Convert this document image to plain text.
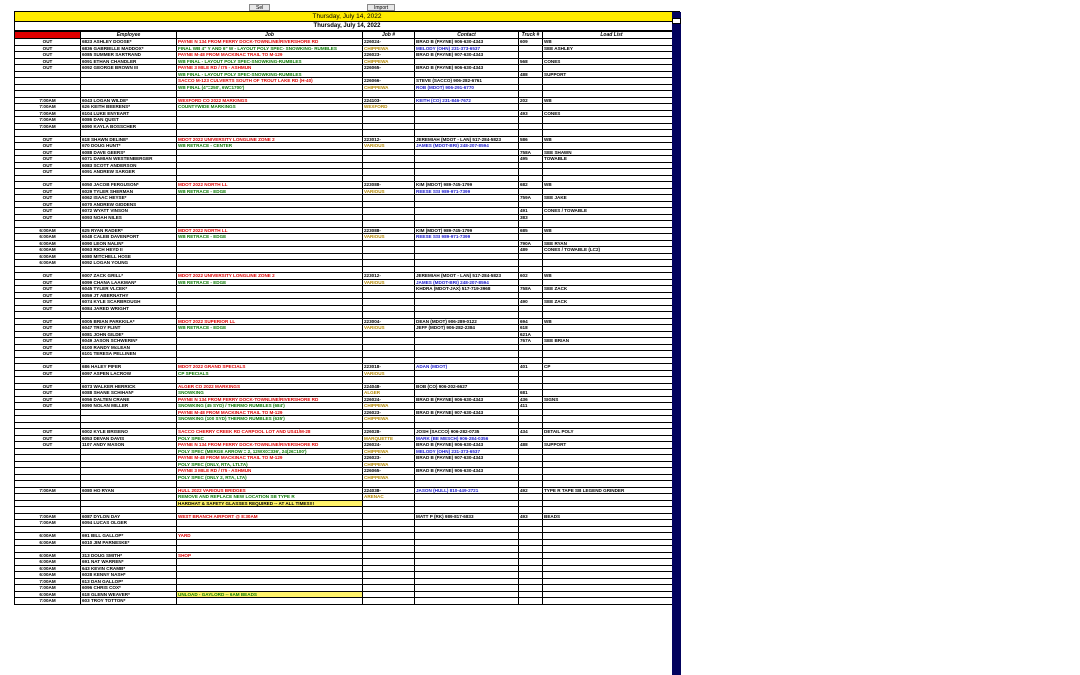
Sel	Import
Thursday, July 14, 2022
Thursday, July 14, 2022
Time	Employee	Job	Job #	Contact	Truck #	Load List
OUT	6823 ASHLEY DOOSE*	PAYNE N 134 FROM FERRY DOCK-TOWNLINE/RIVERSHORE RD	226024-	BRAD B (PAYNE) 906-630-4343	609	WB
OUT	6836 GABRIELLE MADDOX*	FINAL WB 4" Y AND 6" W - LAYOUT POLY SPEC- SNOWKING- RUMBLES	CHIPPEWA	MELODY (OHN) 231-373-6537		SEE ASHLEY
OUT	6085 SUMMER SARTRAND	PAYNE M-48 FROM MACKINAC TRAIL TO M-129	226023-	BRAD B (PAYNE) 907-630-4343		
OUT	6091 ETHAN CHANDLER	WB FINAL - LAYOUT POLY SPEC-SNOWKING-RUMBLES	CHIPPEWA		568	CONES
OUT	6092 GEORGE BROWN III	PAYNE 3 MILE RD / I75 - ASHMUN	226065-	BRAD B (PAYNE) 906-630-4343		
		WB FINAL - LAYOUT POLY SPEC-SNOWKING-RUMBLES			488	SUPPORT
		SACCO M-123 CULVERTS SOUTH OF TROUT LAKE RD (H-40)	226066-	STEVE (SACCO) 906-282-6761		
		WB FINAL (4"=250', 6W=1700')	CHIPPEWA	ROB (MDOT) 906-291-6770		

7:00AM	6043 LOGAN WILDE*	WEXFORD CO 2022 MARKINGS	224103-	KEITH (CO) 231-846-7672	202	WB
7:00AM	626 KEITH BEERENS*	COUNTYWIDE MARKINGS	WEXFORD			
7:00AM	6104 LUKE ENYEART				493	CONES
7:00AM	6086 DAN QUIST					
7:00AM	6090 KAYLA BOSSCHER					

OUT	618 SHAWN DELINE*	MDOT 2022 UNIVERSITY LONGLINE ZONE 2	223012-	JEREMIAH (MDOT - LAN) 517-284-5823	586	WB
OUT	670 DOUG HUNT*	WB RETRACE - CENTER	VARIOUS	JAMES (MDOT-BRI) 248-207-8594		
OUT	6088 DAVE GEERS*				758A	SEE SHAWN
OUT	6071 DAMIAN WESTENBERGER				495	TOWABLE
OUT	6083 SCOTT ANDERSON					
OUT	6091 ANDREW SARGER					

OUT	6050 JACOB FERGUSON*	MDOT 2022 NORTH LL	223088-	KIM (MDOT) 989-745-1799	682	WB
OUT	6029 TYLER SHERMAN	WB RETRACE - EDGE	VARIOUS	REESE SSI 989-971-7399		
OUT	6062 ISAAC HEYSE*				759A	SEE JAKE
OUT	6070 ANDREW GIDDENS					
OUT	6072 WYATT VINSON				491	CONES / TOWABLE
OUT	6093 NOAH NILES				383	

6:00AM	625 RYAN RADER*	MDOT 2022 NORTH LL	223088-	KIM (MDOT) 989-745-1799	685	WB
6:00AM	6048 CALEB DAVENPORT	WB RETRACE - EDGE	VARIOUS	REESE SSI 989-971-7399		
6:00AM	6090 LEON NALIN*				790A	SEE RYAN
6:00AM	6063 RICH HEYD II				489	CONES / TOWABLE (LC2)
6:00AM	6080 MITCHELL HOSE					
6:00AM	6092 LOGAN YOUNG					

OUT	6007 ZACK GRILL*	MDOT 2022 UNIVERSITY LONGLINE ZONE 2	223012-	JEREMIAH (MDOT - LAN) 517-284-5823	602	WB
OUT	6099 CHANA LAAKMAN*	WB RETRACE - EDGE	VARIOUS	JAMES (MDOT-BRI) 248-207-8594		
OUT	6045 TYLER VLCEK*			KHDRA (MDOT-JAX) 517-719-3968	758A	SEE ZACK
OUT	6059 JT ABERNATHY					
OUT	6074 KYLE SCARBROUGH				490	SEE ZACK
OUT	6084 JARED WRIGHT					

OUT	6005 BRIAN PARKKILA*	MDOT 2022 SUPERIOR LL	223004-	DEAN (MDOT) 906-289-0122	694	WB
OUT	6047 TROY FLINT	WB RETRACE - EDGE	VARIOUS	JEFF (MDOT) 906-282-2384	618	
OUT	6081 JOHN GILDE*				621A	
OUT	6049 JASON SCHWERIN*				767A	SEE BRIAN
OUT	6100 RANDY McLEAN					
OUT	6101 TERESA PELLINEN					

OUT	686 HALEY PIFER	MDOT 2022 GRAND SPECIALS	223018-	ADAN (MDOT)	401	CP
OUT	6097 ASPEN LACROW	CP SPECIALS	VARIOUS			

OUT	6073 WALKER HERRICK	ALGER CO 2022 MARKINGS	224048-	BOB (CO) 906-202-6627		
OUT	6088 SHANE SCHIHAN*	SNOWKING	ALGER		681	
OUT	6056 DALTEN CRANE	PAYNE N 134 FROM FERRY DOCK-TOWNLINE/RIVERSHORE RD	226024-	BRAD B (PAYNE) 906-630-4343	436	SIGNS
OUT	6090 NOLAN MILLER	SNOWKING (45 SYD) / THERMO RUMBLES (684')	CHIPPEWA		411	
		PAYNE M-48 FROM MACKINAC TRAIL TO M-129	226023-	BRAD B (PAYNE) 907-630-4343		
		SNOWKING (100 SYD) THERMO RUMBLES (635')	CHIPPEWA			

OUT	6002 KYLE BRISENO	SACCO CHERRY CREEK RD CARPOOL LOT AND US41/M-28	226028-	JOSH (SACCO) 906-282-0735	434	DETAIL POLY
OUT	6053 DEVAN DAVIS	POLY SPEC	MARQUETTE	MARK (BE MESCH) 906-284-0356		
OUT	1107 ANDY MASON	PAYNE N 134 FROM FERRY DOCK-TOWNLINE/RIVERSHORE RD	226024-	BRAD B (PAYNE) 906-630-4343	488	SUPPORT
		POLY SPEC (MERGE ARROW = 2, 12WX0=336', 24(26=100')	CHIPPEWA	MELODY (OHN) 231-373-6537		
		PAYNE M-48 FROM MACKINAC TRAIL TO M-129	226023-	BRAD B (PAYNE) 907-630-4343		
		POLY SPEC (ONLY, RTA, LTLTA)	CHIPPEWA			
		PAYNE 3 MILE RD / I75 - ASHMUN	226065-	BRAD B (PAYNE) 906-630-4343		
		POLY SPEC (ONLY 2, RTA, LTA)	CHIPPEWA			

7:00AM	6080 HO RYAN	HULL 2022 VARIOUS BRIDGES	224038-	JASON (HULL) 810-449-2721	492	TYPE R TAPE SB LEGEND GRINDER
		REMOVE AND REPLACE NEW LOCATION SB TYPE R	ARENAC			
		HARDHAT & SAFETY GLASSES REQUIRED -- AT ALL TIMES!!!				

7:00AM	6087 DYLON DAY	WEST BRANCH AIRPORT @ 8:30AM		MATT P (RK) 989-817-6833	493	BEADS
7:00AM	6094 LUCAS OLGER					

6:00AM	691 BILL GALLOP*	YARD				
6:00AM	6010 JIM PARNESKE*					

6:00AM	313 DOUG SMITH*	SHOP				
6:00AM	691 NAT WARREN*					
6:00AM	643 KEVIN CRAMB*					
6:00AM	6028 KENNY NASH*					
7:00AM	613 DAN GALLOP*					
7:00AM	6096 CHRIS COX*					
6:00AM	618 GLENN WEAVER*	UNLOAD - GAYLORD -- 6AM BEADS				
7:00AM	603 TROY TOTTON*					
